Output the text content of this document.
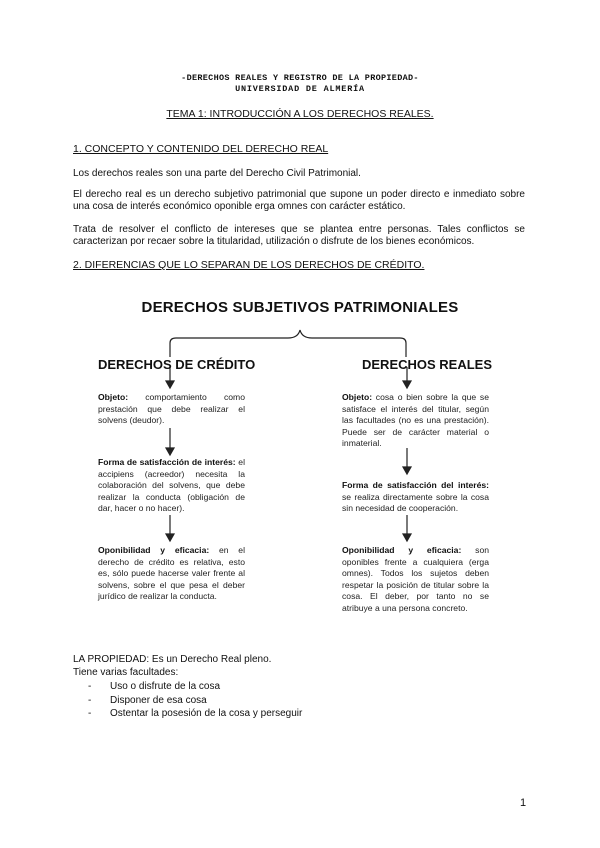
-DERECHOS REALES Y REGISTRO DE LA PROPIEDAD-
UNIVERSIDAD DE ALMERÍA
TEMA 1: INTRODUCCIÓN A LOS DERECHOS REALES.
1. CONCEPTO Y CONTENIDO DEL DERECHO REAL
Los derechos reales son una parte del Derecho Civil Patrimonial.
El derecho real es un derecho subjetivo patrimonial que supone un poder directo e inmediato sobre una cosa de interés económico oponible erga omnes con carácter estático.
Trata de resolver el conflicto de intereses que se plantea entre personas. Tales conflictos se caracterizan por recaer sobre la titularidad, utilización o disfrute de los bienes económicos.
2. DIFERENCIAS QUE LO SEPARAN DE LOS DERECHOS DE CRÉDITO.
DERECHOS SUBJETIVOS PATRIMONIALES
DERECHOS DE CRÉDITO	DERECHOS REALES
Objeto: comportamiento como prestación que debe realizar el solvens (deudor).
Forma de satisfacción de interés: el accipiens (acreedor) necesita la colaboración del solvens, que debe realizar la conducta (obligación de dar, hacer o no hacer).
Oponibilidad y eficacia: en el derecho de crédito es relativa, esto es, sólo puede hacerse valer frente al solvens, sobre el que pesa el deber jurídico de realizar la conducta.
Objeto: cosa o bien sobre la que se satisface el interés del titular, según las facultades (no es una prestación). Puede ser de carácter material o inmaterial.
Forma de satisfacción del interés: se realiza directamente sobre la cosa sin necesidad de cooperación.
Oponibilidad y eficacia: son oponibles frente a cualquiera (erga omnes). Todos los sujetos deben respetar la posición de titular sobre la cosa. El deber, por tanto no se atribuye a una persona concreto.
LA PROPIEDAD: Es un Derecho Real pleno.
Tiene varias facultades:
- Uso o disfrute de la cosa
- Disponer de esa cosa
- Ostentar la posesión de la cosa y perseguir
1
